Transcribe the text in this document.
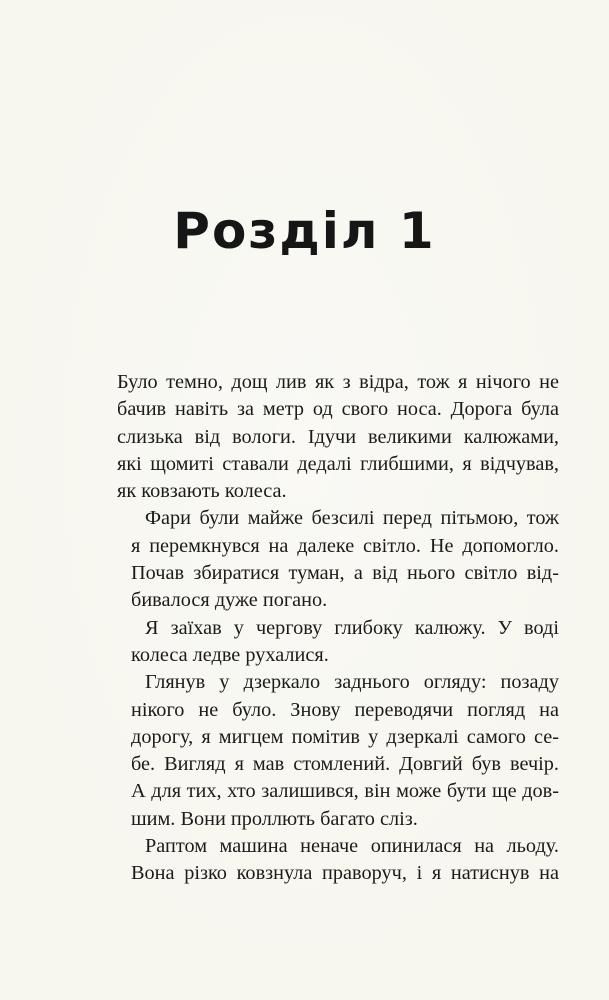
Розділ 1

Було темно, дощ лив як з відра, тож я нічого не
бачив навіть за метр од свого носа. Дорога була
слизька від вологи. Ідучи великими калюжами,
які щомиті ставали дедалі глибшими, я відчував,
як ковзають колеса.

Фари були майже безсилі перед пітьмою, тож
я перемкнувся на далеке світло. Не допомогло.
Почав збиратися туман, а від нього світло від-
бивалося дуже погано.

Я заїхав у чергову глибоку калюжу. У воді
колеса ледве рухалися.

Глянув у дзеркало заднього огляду: позаду
нікого не було. Знову переводячи погляд на
дорогу, я мигцем помітив у дзеркалі самого се-
бе. Вигляд я мав стомлений. Довгий був вечір.
А для тих, хто залишився, він може бути ще дов-
шим. Вони проллють багато сліз.

Раптом машина неначе опинилася на льоду.
Вона різко ковзнула праворуч, і я натиснув на
